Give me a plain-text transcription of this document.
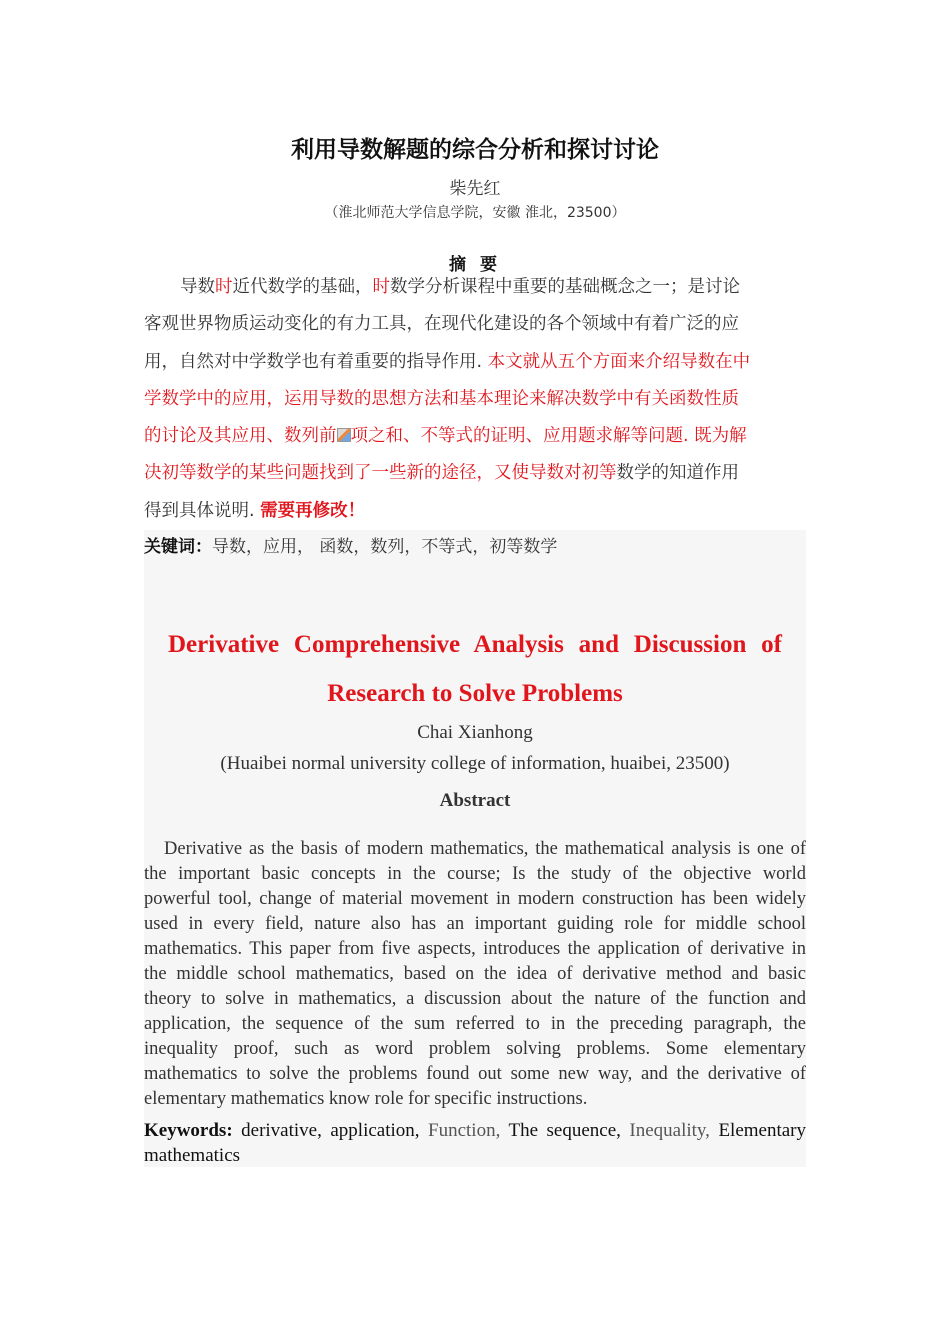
利用导数解题的综合分析和探讨讨论
柴先红
（淮北师范大学信息学院，安徽 淮北，23500）
摘 要
导数时近代数学的基础，时数学分析课程中重要的基础概念之一；是讨论
客观世界物质运动变化的有力工具，在现代化建设的各个领域中有着广泛的应
用，自然对中学数学也有着重要的指导作用. 本文就从五个方面来介绍导数在中
学数学中的应用，运用导数的思想方法和基本理论来解决数学中有关函数性质
的讨论及其应用、数列前 项之和、不等式的证明、应用题求解等问题. 既为解
决初等数学的某些问题找到了一些新的途径，又使导数对初等数学的知道作用
得到具体说明. 需要再修改！
关键词：导数，应用， 函数，数列，不等式，初等数学
Derivative Comprehensive Analysis and Discussion of
Research to Solve Problems
Chai Xianhong
(Huaibei normal university college of information, huaibei, 23500)
Abstract
Derivative as the basis of modern mathematics, the mathematical analysis is one of
the important basic concepts in the course; Is the study of the objective world
powerful tool, change of material movement in modern construction has been widely
used in every field, nature also has an important guiding role for middle school
mathematics. This paper from five aspects, introduces the application of derivative in
the middle school mathematics, based on the idea of derivative method and basic
theory to solve in mathematics, a discussion about the nature of the function and
application, the sequence of the sum referred to in the preceding paragraph, the
inequality proof, such as word problem solving problems. Some elementary
mathematics to solve the problems found out some new way, and the derivative of
elementary mathematics know role for specific instructions.
Keywords: derivative, application, Function, The sequence, Inequality, Elementary
mathematics
